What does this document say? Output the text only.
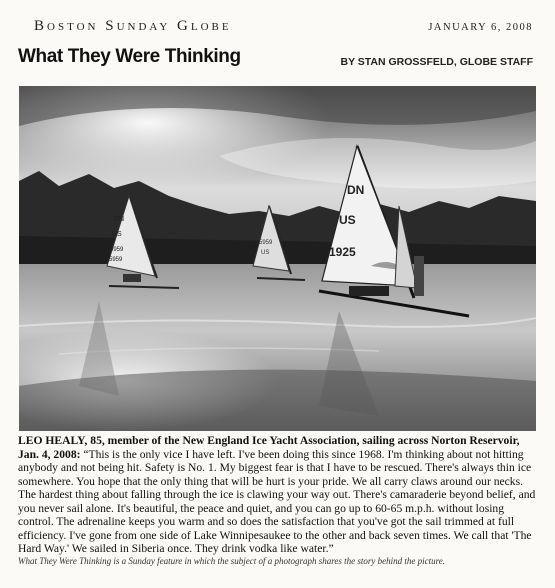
Boston Sunday Globe	JANUARY 6, 2008
What They Were Thinking	BY STAN GROSSFELD, GLOBE STAFF
DN
US
4959
5959
5959
US
DN
US
1925
LEO HEALY, 85, member of the New England Ice Yacht Association, sailing across Norton Reservoir, Jan. 4, 2008: “This is the only vice I have left. I've been doing this since 1968. I'm thinking about not hitting anybody and not being hit. Safety is No. 1. My biggest fear is that I have to be rescued. There's always thin ice somewhere. You hope that the only thing that will be hurt is your pride. We all carry claws around our necks. The hardest thing about falling through the ice is clawing your way out. There's camaraderie beyond belief, and you never sail alone. It's beautiful, the peace and quiet, and you can go up to 60-65 m.p.h. without losing control. The adrenaline keeps you warm and so does the satisfaction that you've got the sail trimmed at full efficiency. I've gone from one side of Lake Winnipesaukee to the other and back seven times. We call that 'The Hard Way.' We sailed in Siberia once. They drink vodka like water.”
What They Were Thinking is a Sunday feature in which the subject of a photograph shares the story behind the picture.
